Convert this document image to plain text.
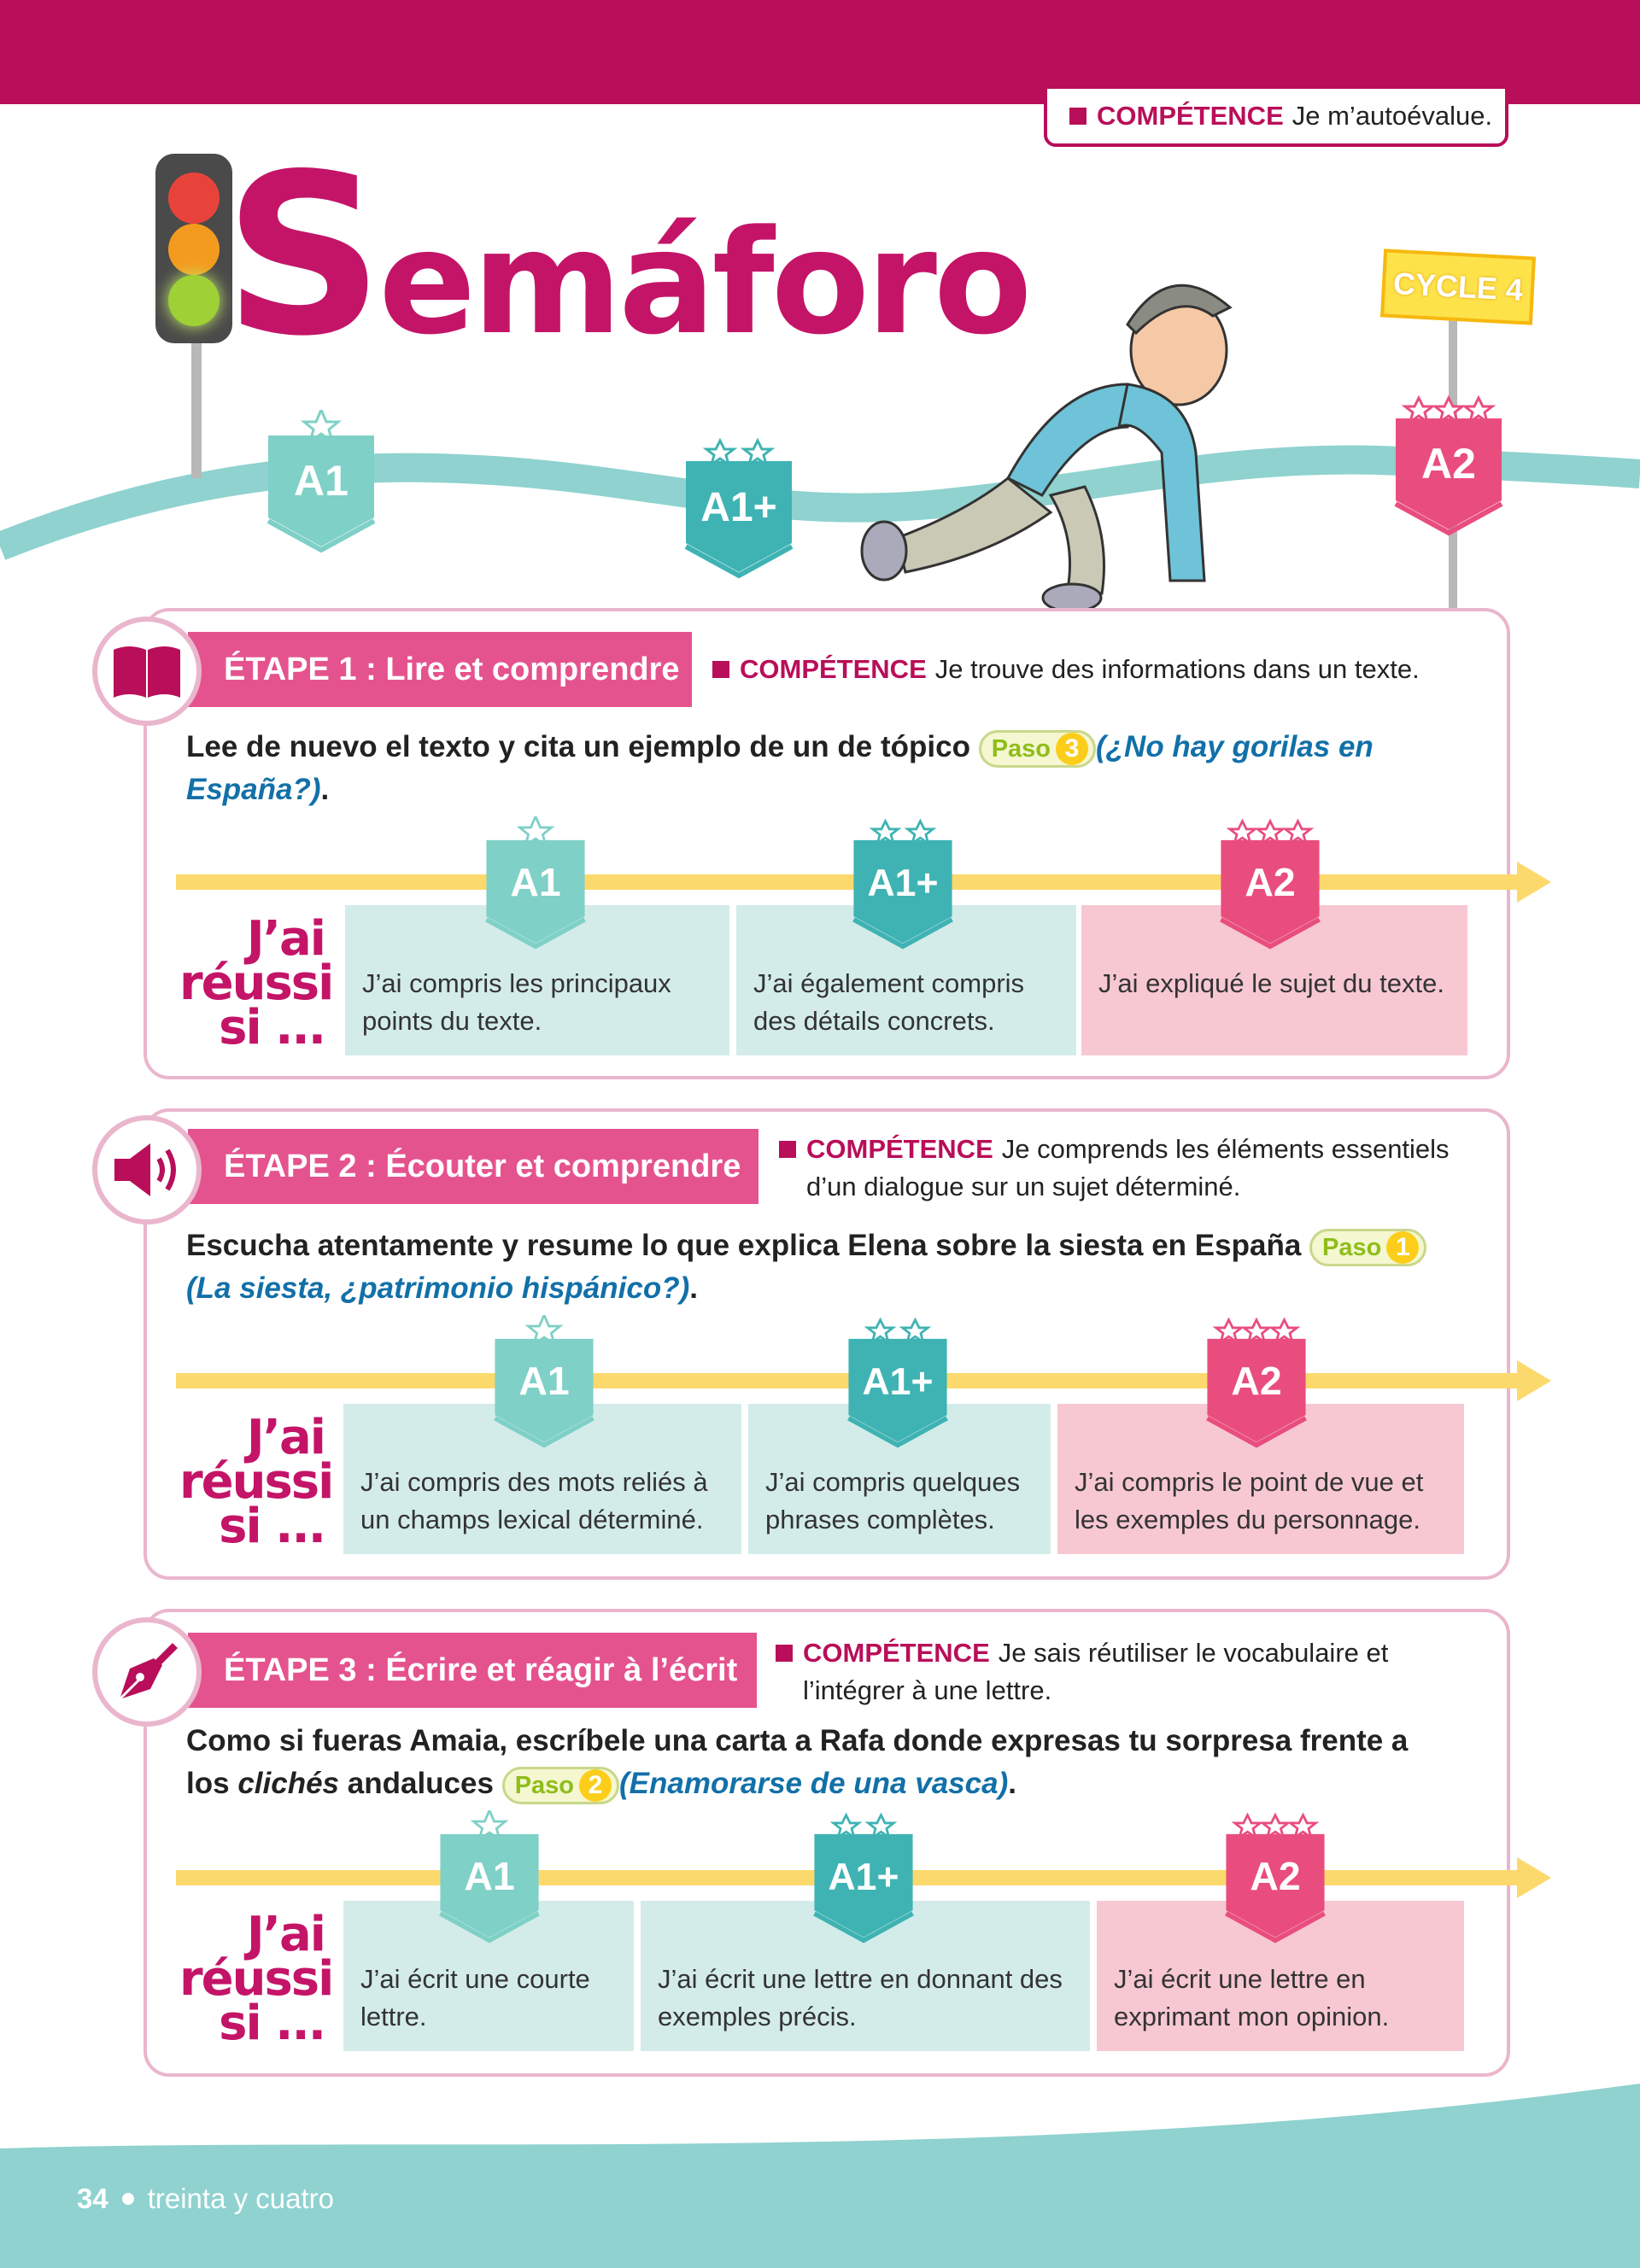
COMPÉTENCE Je m’autoévalue.
Semáforo	CYCLE 4
A1
A1+
A2
ÉTAPE 1 : Lire et comprendre	COMPÉTENCE Je trouve des informations dans un texte.
Lee de nuevo el texto y cita un ejemplo de un de tópico Paso 3 (¿No hay gorilas en España?).
J’ai
réussi
si ...
J’ai compris les principaux points du texte.
J’ai également compris des détails concrets.
J’ai expliqué le sujet du texte.
A1	A1+	A2
ÉTAPE 2 : Écouter et comprendre	COMPÉTENCE Je comprends les éléments essentiels d’un dialogue sur un sujet déterminé.
Escucha atentamente y resume lo que explica Elena sobre la siesta en España Paso 1

(La siesta, ¿patrimonio hispánico?).
J’ai
réussi
si ...
J’ai compris des mots reliés à un champs lexical déterminé.
J’ai compris quelques phrases complètes.
J’ai compris le point de vue et les exemples du personnage.
A1	A1+	A2
ÉTAPE 3 : Écrire et réagir à l’écrit	COMPÉTENCE Je sais réutiliser le vocabulaire et l’intégrer à une lettre.
Como si fueras Amaia, escríbele una carta a Rafa donde expresas tu sorpresa frente a los clichés andaluces Paso 2 (Enamorarse de una vasca).
J’ai
réussi
si ...
J’ai écrit une courte lettre.
J’ai écrit une lettre en donnant des exemples précis.
J’ai écrit une lettre en exprimant mon opinion.
A1	A1+	A2
34 treinta y cuatro
